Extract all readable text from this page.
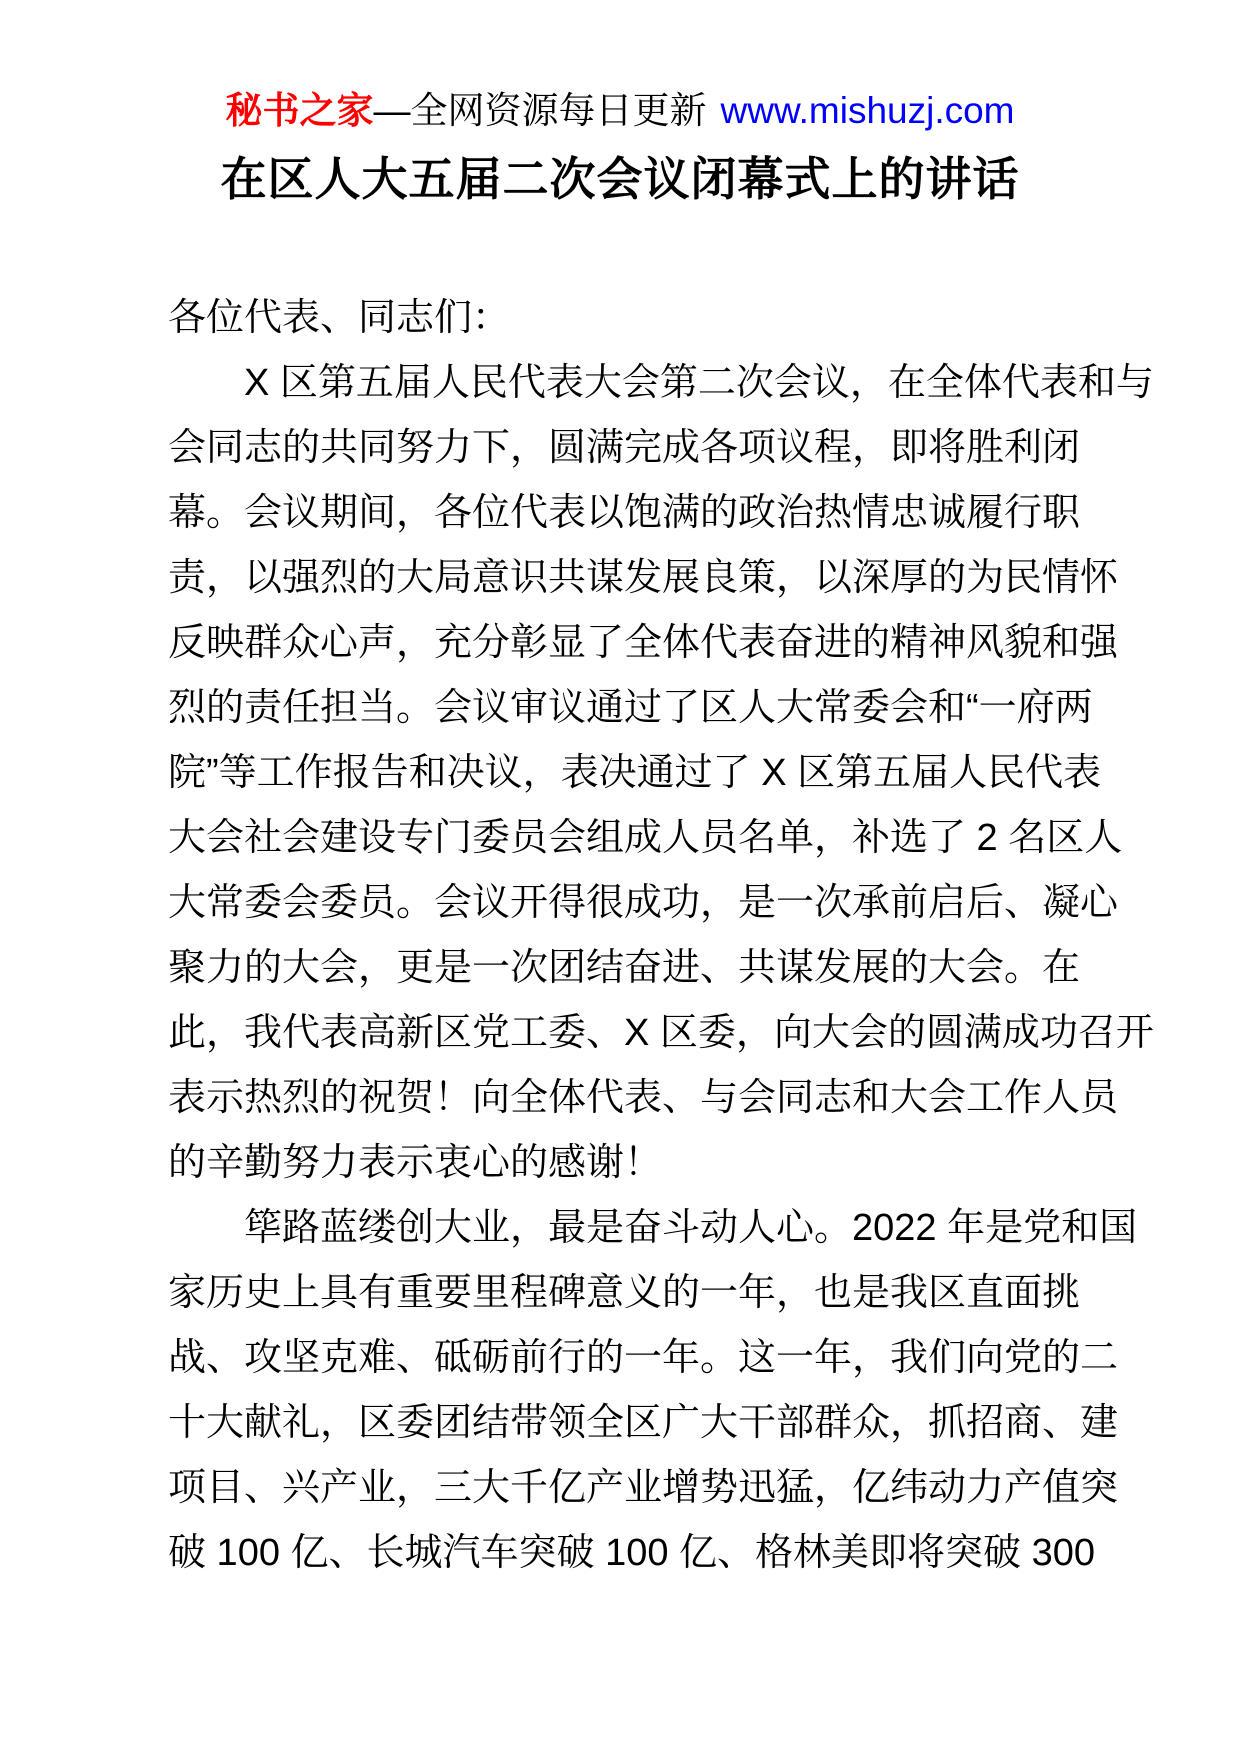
秘书之家—全网资源每日更新 www.mishuzj.com
在区人大五届二次会议闭幕式上的讲话
各位代表、同志们：
X 区第五届人民代表大会第二次会议，在全体代表和与
会同志的共同努力下，圆满完成各项议程，即将胜利闭
幕。会议期间，各位代表以饱满的政治热情忠诚履行职
责，以强烈的大局意识共谋发展良策，以深厚的为民情怀
反映群众心声，充分彰显了全体代表奋进的精神风貌和强
烈的责任担当。会议审议通过了区人大常委会和“一府两
院”等工作报告和决议，表决通过了 X 区第五届人民代表
大会社会建设专门委员会组成人员名单，补选了 2 名区人
大常委会委员。会议开得很成功，是一次承前启后、凝心
聚力的大会，更是一次团结奋进、共谋发展的大会。在
此，我代表高新区党工委、X 区委，向大会的圆满成功召开
表示热烈的祝贺！向全体代表、与会同志和大会工作人员
的辛勤努力表示衷心的感谢！
筚路蓝缕创大业，最是奋斗动人心。2022 年是党和国
家历史上具有重要里程碑意义的一年，也是我区直面挑
战、攻坚克难、砥砺前行的一年。这一年，我们向党的二
十大献礼，区委团结带领全区广大干部群众，抓招商、建
项目、兴产业，三大千亿产业增势迅猛，亿纬动力产值突
破 100 亿、长城汽车突破 100 亿、格林美即将突破 300
